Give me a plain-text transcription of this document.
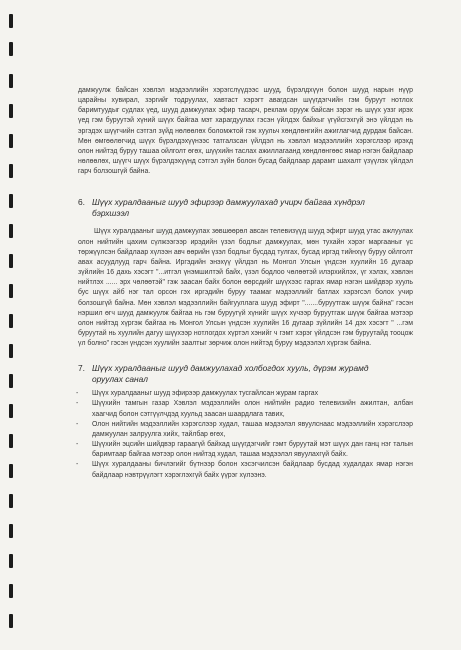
дамжуулж байсан хэвлэл мэдээллийн хэрэгслүүдээс шууд, бүрэлдхүүн болон шууд нарын нүүр царайны хувирал, зэргийг тодруулах, хавтаст хэрэгт авагдсан шүүгдэгчийн гэм буруут нотлох баримтуудыг судлах үед, шууд дамжуулах эфир тасарч, реклам орууж байсан зэрэг нь шүүх уэзг ирэх үед гэм буруутэй хүний шүүх байгаа мэт харагдуулах гэсэн үйлдэх байхыг үгүйсгэхгүй энэ үйлдэл нь эргэдэх шүүгчийн сэтгэл зүйд нөлөөлөх боломжтой гэж хуульч хөндлөнгийн ажиглагчид дурдаж байсан. Мөн өмгөөлөгчид шүүх бүрэлдэхүүнээс татгалзсан үйлдэл нь хэвлэл мэдээллийн хэрэгслээр ирэхд олон нийтэд буруу ташаа ойлголт өгөх, шүүхийн таслах ажиллагаанд хөндлөнгөөс ямар нэгэн байдлаар нөлөөлөх, шүүгч шүүх бүрэлдэхүүнд сэтгэл зүйн болон бусад байдлаар дарамт шахалт үзүүлэх үйлдэл гарч болзошгүй байна.

6. Шүүх хуралдааныг шууд эфирээр дамжуулахад учирч байгаа хүндрэл
бэрхшээл

Шүүх хуралдааныг шууд дамжуулах зөвшөөрөл авсан телевизүүд шууд эфирт шууд утас ажлуулах олон нийтийн цахим сүлжээгээр ирэдийн үзэл бодлыг дамжуулах, мөн тухайн хэрэг маргааныг үс төржүүлсэн байдлаар хүлээн авч өөрийн үзэл бодлыг бусдад тулгах, бусад иргэд тийнхүү буруу ойлголт авах асуудлууд гарч байна. Иргэдийн энэхүү үйлдэл нь Монгол Улсын үндсэн хуулийн 16 дугаар зүйлийн 16 дахь хэсэгт "...итгэл үнэмшилтэй байх, үзэл бодлоо чөлөөтэй илэрхийлэх, үг хэлэх, хэвлэн нийтлэх ...... эрх чөлөөтэй" гэж заасан байх болон өөрсдийг шүүхээс гаргах ямар нэгэн шийдвэр хууль бус шүүх aйб нэг тал орсон гэх иргэдийн буруу таамаг мэдээллийг батлах хэрэгсэл болох учир болзошгүй байна. Мөн хэвлэл мэдээллийн байгууллага шууд эфирт ".......буруутгаж шүүж байна" гэсэн нэршил өгч шууд дамжуулж байгаа нь гэм буруугүй хүнийг шүүх хүчээр буруутгаж шүүж байгаа мэтээр олон нийтэд хүргэж байгаа нь Монгол Улсын үндсэн хуулийн 16 дугаар зүйлийн 14 дэх хэсэгт " ...гэм буруутай нь хуулийн дагуу шүүхээр нотлогдох хүртэл хэнийг ч гэмт хэрэг үйлдсэн гэм буруутайд тооцож үл болно" гэсэн үндсэн хуулийн заалтыг зөрчиж олон нийтэд буруу мэдээлэл хүргэж байна.

7. Шүүх хуралдааныг шууд дамжуулахад холбогдох хууль, дүрэм журамд
оруулах санал
- Шүүх хуралдааныг шууд эфирээр дамжуулах тусгайлсан журам гаргах
- Шүүхийн тамгын газар Хэвлэл мэдээллийн олон нийтийн радио телевизийн ажилтан, албан хаагчид болон сэтгүүлчдэд хуульд заасан шаардлага тавих,
- Олон нийтийн мэдээллийн хэрэгслээр худал, ташаа мэдээлэл явуулснаас мэдээллийн хэрэгслээр дамжуулан залруулга хийх, тайлбар өгөх,
- Шүүхийн эцсийн шийдвэр гараагүй байхад шүүгдэгчийг гэмт буруутай мэт шүүх дан ганц нэг талын баримтаар байгаа мэтээр олон нийтэд худал, ташаа мэдээлэл явуулахгүй байх.
- Шүүх хуралдааны бичлэгийг бүтнээр болон хэсэгчилсэн байдлаар бусдад худалдах ямар нэгэн байдлаар нэвтрүүлэгт хэрэглэхгүй байх үүрэг хүлээнэ.
